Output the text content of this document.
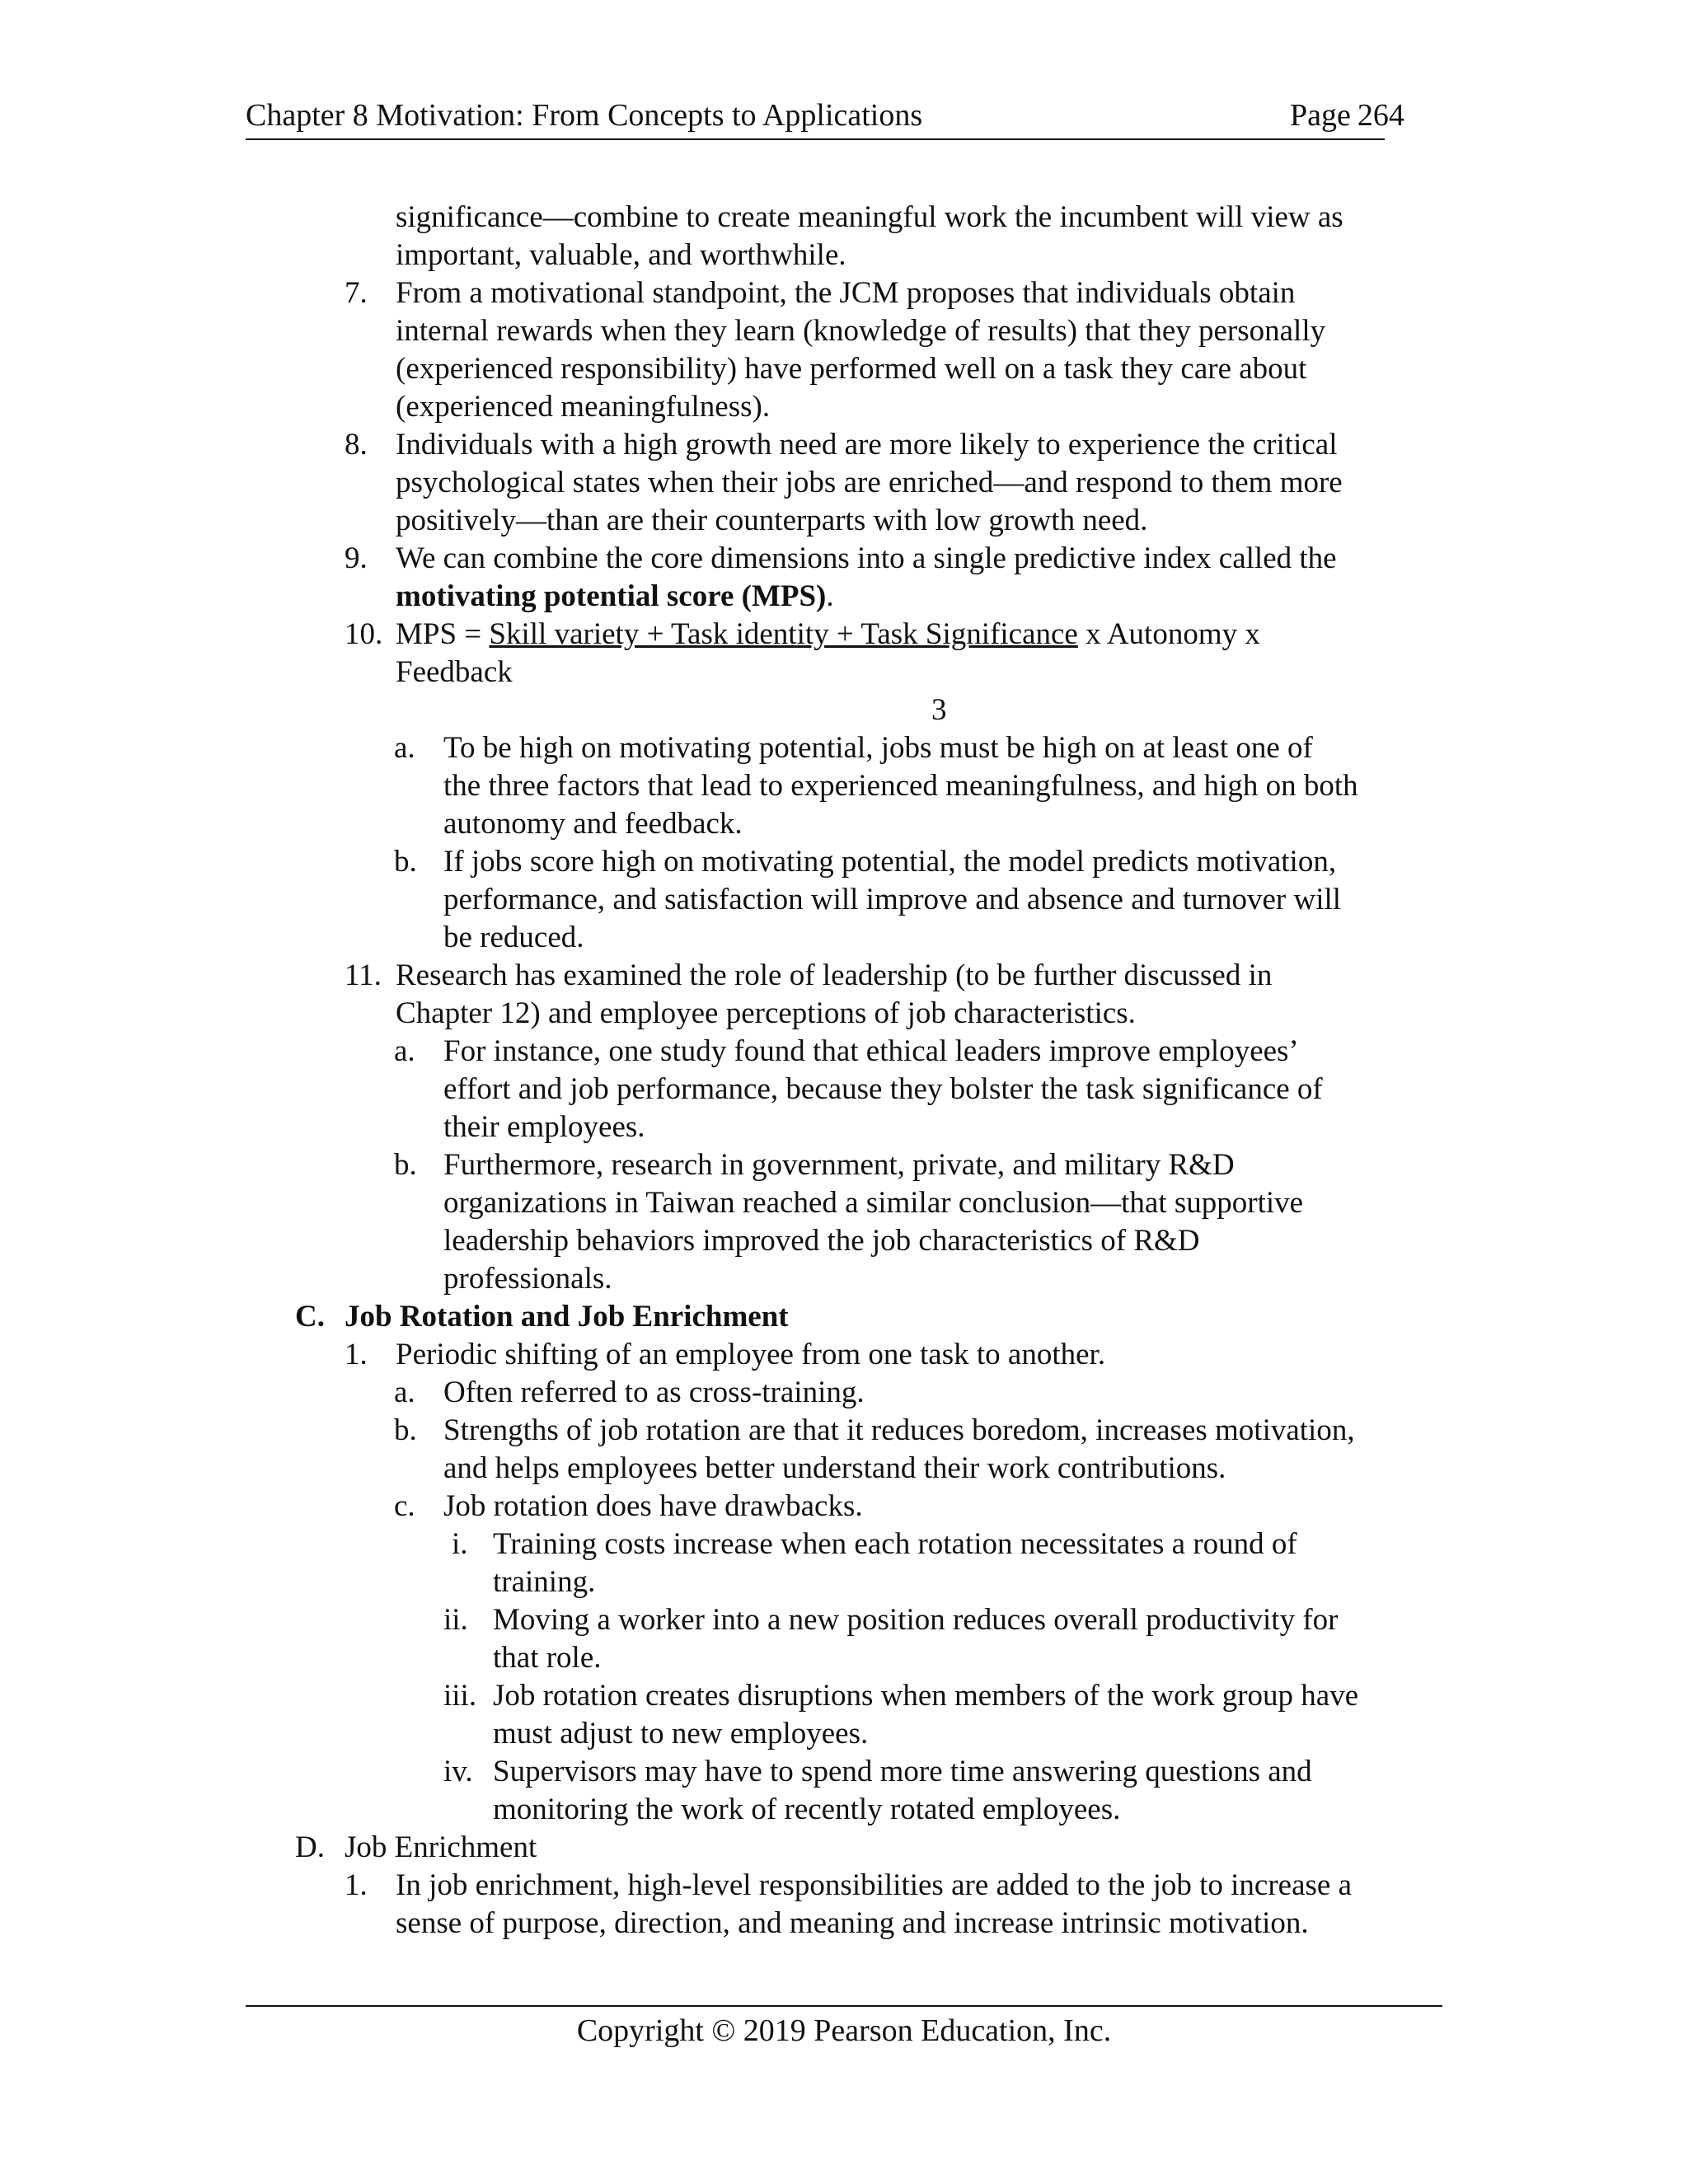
Chapter 8 Motivation: From Concepts to Applications	Page 264
significance—combine to create meaningful work the incumbent will view as
important, valuable, and worthwhile.
7. From a motivational standpoint, the JCM proposes that individuals obtain
internal rewards when they learn (knowledge of results) that they personally
(experienced responsibility) have performed well on a task they care about
(experienced meaningfulness).
8. Individuals with a high growth need are more likely to experience the critical
psychological states when their jobs are enriched—and respond to them more
positively—than are their counterparts with low growth need.
9. We can combine the core dimensions into a single predictive index called the
motivating potential score (MPS).
10. MPS = Skill variety + Task identity + Task Significance x Autonomy x
Feedback
3
a. To be high on motivating potential, jobs must be high on at least one of
the three factors that lead to experienced meaningfulness, and high on both
autonomy and feedback.
b. If jobs score high on motivating potential, the model predicts motivation,
performance, and satisfaction will improve and absence and turnover will
be reduced.
11. Research has examined the role of leadership (to be further discussed in
Chapter 12) and employee perceptions of job characteristics.
a. For instance, one study found that ethical leaders improve employees’
effort and job performance, because they bolster the task significance of
their employees.
b. Furthermore, research in government, private, and military R&D
organizations in Taiwan reached a similar conclusion—that supportive
leadership behaviors improved the job characteristics of R&D
professionals.
C. Job Rotation and Job Enrichment
1. Periodic shifting of an employee from one task to another.
a. Often referred to as cross-training.
b. Strengths of job rotation are that it reduces boredom, increases motivation,
and helps employees better understand their work contributions.
c. Job rotation does have drawbacks.
i. Training costs increase when each rotation necessitates a round of
training.
ii. Moving a worker into a new position reduces overall productivity for
that role.
iii. Job rotation creates disruptions when members of the work group have
must adjust to new employees.
iv. Supervisors may have to spend more time answering questions and
monitoring the work of recently rotated employees.
D. Job Enrichment
1. In job enrichment, high-level responsibilities are added to the job to increase a
sense of purpose, direction, and meaning and increase intrinsic motivation.
Copyright © 2019 Pearson Education, Inc.
